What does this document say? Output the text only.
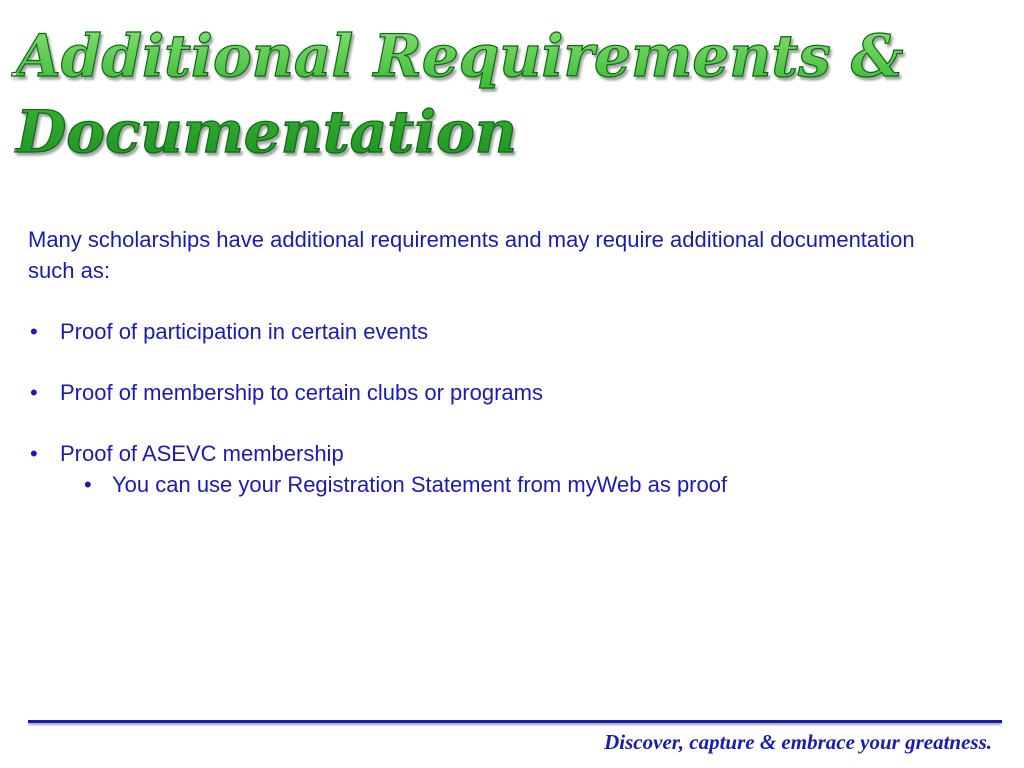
Additional Requirements &
Documentation

Many scholarships have additional requirements and may require additional documentation such as:

• Proof of participation in certain events
• Proof of membership to certain clubs or programs
• Proof of ASEVC membership
• You can use your Registration Statement from myWeb as proof
Discover, capture & embrace your greatness.
